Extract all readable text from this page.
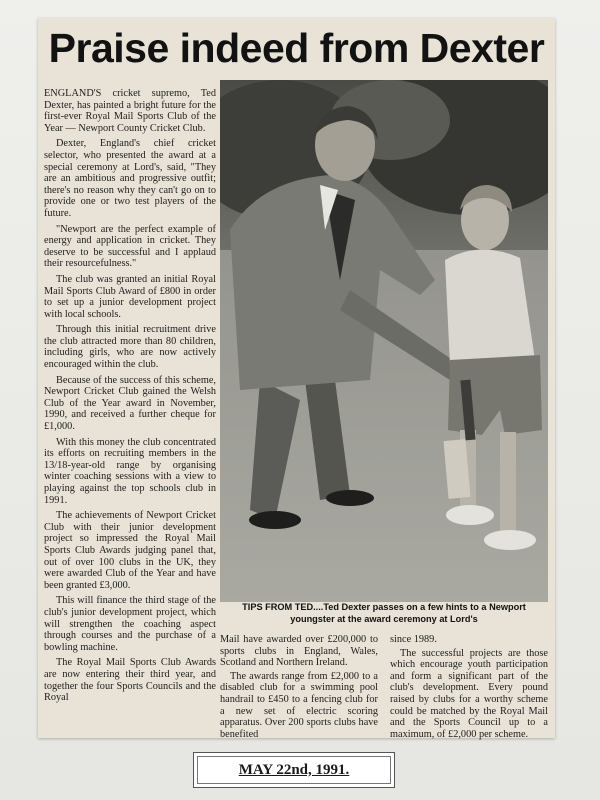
Praise indeed from Dexter

ENGLAND'S cricket supremo, Ted Dexter, has painted a bright future for the first-ever Royal Mail Sports Club of the Year — Newport County Cricket Club.

Dexter, England's chief cricket selector, who presented the award at a special ceremony at Lord's, said, "They are an ambitious and progressive outfit; there's no reason why they can't go on to provide one or two test players of the future.

"Newport are the perfect example of energy and application in cricket. They deserve to be successful and I applaud their resourcefulness."

The club was granted an initial Royal Mail Sports Club Award of £800 in order to set up a junior development project with local schools.

Through this initial recruitment drive the club attracted more than 80 children, including girls, who are now actively encouraged within the club.

Because of the success of this scheme, Newport Cricket Club gained the Welsh Club of the Year award in November, 1990, and received a further cheque for £1,000.

With this money the club concentrated its efforts on recruiting members in the 13/18-year-old range by organising winter coaching sessions with a view to playing against the top schools club in 1991.

The achievements of Newport Cricket Club with their junior development project so impressed the Royal Mail Sports Club Awards judging panel that, out of over 100 clubs in the UK, they were awarded Club of the Year and have been granted £3,000.

This will finance the third stage of the club's junior development project, which will strengthen the coaching aspect through courses and the purchase of a bowling machine.

The Royal Mail Sports Club Awards are now entering their third year, and together the four Sports Councils and the Royal

TIPS FROM TED....Ted Dexter passes on a few hints to a Newport youngster at the award ceremony at Lord's

Mail have awarded over £200,000 to sports clubs in England, Wales, Scotland and Northern Ireland.

The awards range from £2,000 to a disabled club for a swimming pool handrail to £450 to a fencing club for a new set of electric scoring apparatus. Over 200 sports clubs have benefited

since 1989.

The successful projects are those which encourage youth participation and form a significant part of the club's development. Every pound raised by clubs for a worthy scheme could be matched by the Royal Mail and the Sports Council up to a maximum, of £2,000 per scheme.

MAY 22nd, 1991.
